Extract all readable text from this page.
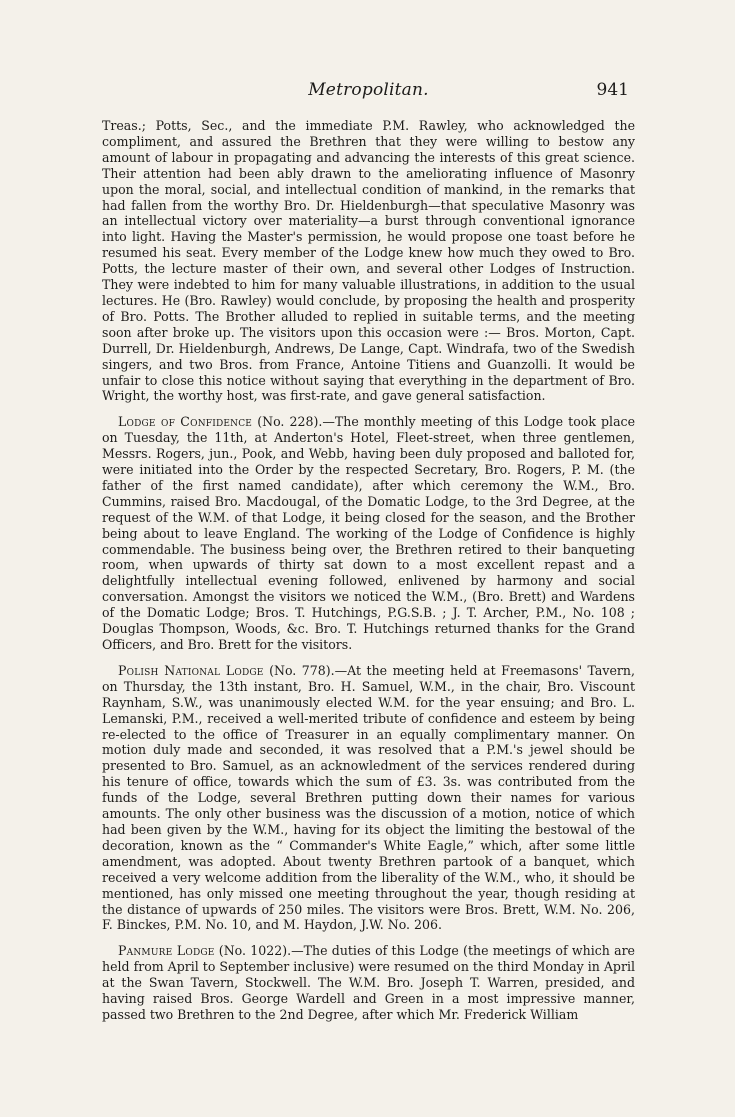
Metropolitan.	941

Treas.; Potts, Sec., and the immediate P.M. Rawley, who acknowledged the compliment, and assured the Brethren that they were willing to bestow any amount of labour in propagating and advancing the interests of this great science. Their attention had been ably drawn to the ameliorating influence of Masonry upon the moral, social, and intellectual condition of mankind, in the remarks that had fallen from the worthy Bro. Dr. Hieldenburgh—that speculative Masonry was an intellectual victory over materiality—a burst through conventional ignorance into light. Having the Master's permission, he would propose one toast before he resumed his seat. Every member of the Lodge knew how much they owed to Bro. Potts, the lecture master of their own, and several other Lodges of Instruction. They were indebted to him for many valuable illustrations, in addition to the usual lectures. He (Bro. Rawley) would conclude, by proposing the health and prosperity of Bro. Potts. The Brother alluded to replied in suitable terms, and the meeting soon after broke up. The visitors upon this occasion were :— Bros. Morton, Capt. Durrell, Dr. Hieldenburgh, Andrews, De Lange, Capt. Windrafa, two of the Swedish singers, and two Bros. from France, Antoine Titiens and Guanzolli. It would be unfair to close this notice without saying that everything in the department of Bro. Wright, the worthy host, was first-rate, and gave general satisfaction.

Lodge of Confidence (No. 228).—The monthly meeting of this Lodge took place on Tuesday, the 11th, at Anderton's Hotel, Fleet-street, when three gentlemen, Messrs. Rogers, jun., Pook, and Webb, having been duly proposed and balloted for, were initiated into the Order by the respected Secretary, Bro. Rogers, P. M. (the father of the first named candidate), after which ceremony the W.M., Bro. Cummins, raised Bro. Macdougal, of the Domatic Lodge, to the 3rd Degree, at the request of the W.M. of that Lodge, it being closed for the season, and the Brother being about to leave England. The working of the Lodge of Confidence is highly commendable. The business being over, the Brethren retired to their banqueting room, when upwards of thirty sat down to a most excellent repast and a delightfully intellectual evening followed, enlivened by harmony and social conversation. Amongst the visitors we noticed the W.M., (Bro. Brett) and Wardens of the Domatic Lodge; Bros. T. Hutchings, P.G.S.B. ; J. T. Archer, P.M., No. 108 ; Douglas Thompson, Woods, &c. Bro. T. Hutchings returned thanks for the Grand Officers, and Bro. Brett for the visitors.

Polish National Lodge (No. 778).—At the meeting held at Freemasons' Tavern, on Thursday, the 13th instant, Bro. H. Samuel, W.M., in the chair, Bro. Viscount Raynham, S.W., was unanimously elected W.M. for the year ensuing; and Bro. L. Lemanski, P.M., received a well-merited tribute of confidence and esteem by being re-elected to the office of Treasurer in an equally complimentary manner. On motion duly made and seconded, it was resolved that a P.M.'s jewel should be presented to Bro. Samuel, as an acknowledment of the services rendered during his tenure of office, towards which the sum of £3. 3s. was contributed from the funds of the Lodge, several Brethren putting down their names for various amounts. The only other business was the discussion of a motion, notice of which had been given by the W.M., having for its object the limiting the bestowal of the decoration, known as the “ Commander's White Eagle,” which, after some little amendment, was adopted. About twenty Brethren partook of a banquet, which received a very welcome addition from the liberality of the W.M., who, it should be mentioned, has only missed one meeting throughout the year, though residing at the distance of upwards of 250 miles. The visitors were Bros. Brett, W.M. No. 206, F. Binckes, P.M. No. 10, and M. Haydon, J.W. No. 206.

Panmure Lodge (No. 1022).—The duties of this Lodge (the meetings of which are held from April to September inclusive) were resumed on the third Monday in April at the Swan Tavern, Stockwell. The W.M. Bro. Joseph T. Warren, presided, and having raised Bros. George Wardell and Green in a most impressive manner, passed two Brethren to the 2nd Degree, after which Mr. Frederick William
